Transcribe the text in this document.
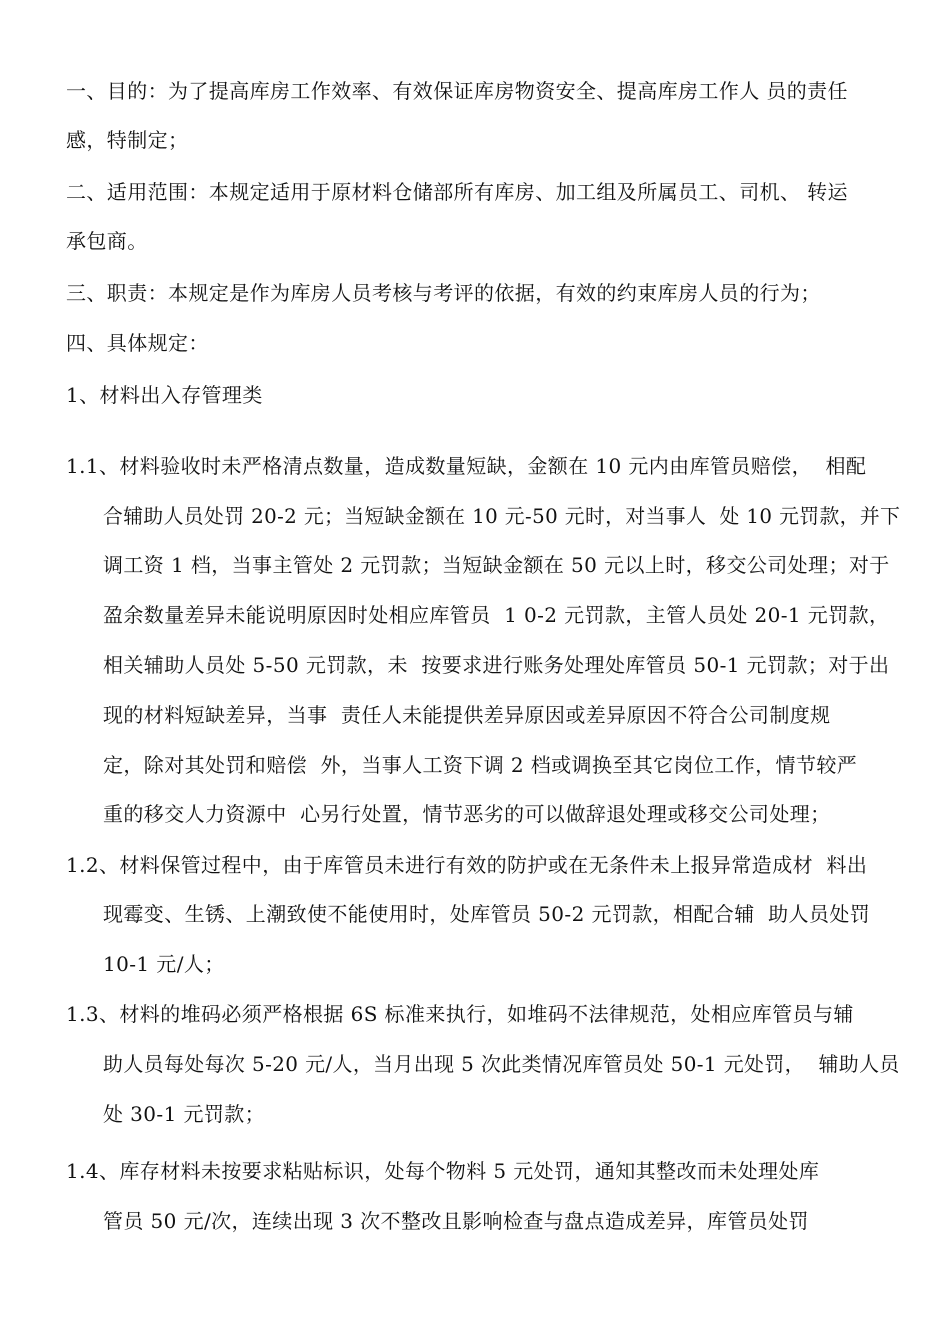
一、目的：为了提高库房工作效率、有效保证库房物资安全、提高库房工作人 员的责任
感，特制定；
二、适用范围：本规定适用于原材料仓储部所有库房、加工组及所属员工、司机、 转运
承包商。
三、职责：本规定是作为库房人员考核与考评的依据，有效的约束库房人员的行为；
四、具体规定：
1、材料出入存管理类
1.1、材料验收时未严格清点数量，造成数量短缺，金额在 10 元内由库管员赔偿，  相配
合辅助人员处罚 20-2 元；当短缺金额在 10 元-50 元时，对当事人  处 10 元罚款，并下
调工资 1 档，当事主管处 2 元罚款；当短缺金额在 50 元以上时，移交公司处理；对于
盈余数量差异未能说明原因时处相应库管员  1 0-2 元罚款，主管人员处 20-1 元罚款，
相关辅助人员处 5-50 元罚款，未  按要求进行账务处理处库管员 50-1 元罚款；对于出
现的材料短缺差异，当事  责任人未能提供差异原因或差异原因不符合公司制度规
定，除对其处罚和赔偿  外，当事人工资下调 2 档或调换至其它岗位工作，情节较严
重的移交人力资源中  心另行处置，情节恶劣的可以做辞退处理或移交公司处理；
1.2、材料保管过程中，由于库管员未进行有效的防护或在无条件未上报异常造成材  料出
现霉变、生锈、上潮致使不能使用时，处库管员 50-2 元罚款，相配合辅  助人员处罚
10-1 元/人；
1.3、材料的堆码必须严格根据 6S 标准来执行，如堆码不法律规范，处相应库管员与辅
助人员每处每次 5-20 元/人，当月出现 5 次此类情况库管员处 50-1 元处罚，  辅助人员
处 30-1 元罚款；
1.4、库存材料未按要求粘贴标识，处每个物料 5 元处罚，通知其整改而未处理处库
管员 50 元/次，连续出现 3 次不整改且影响检查与盘点造成差异，库管员处罚
